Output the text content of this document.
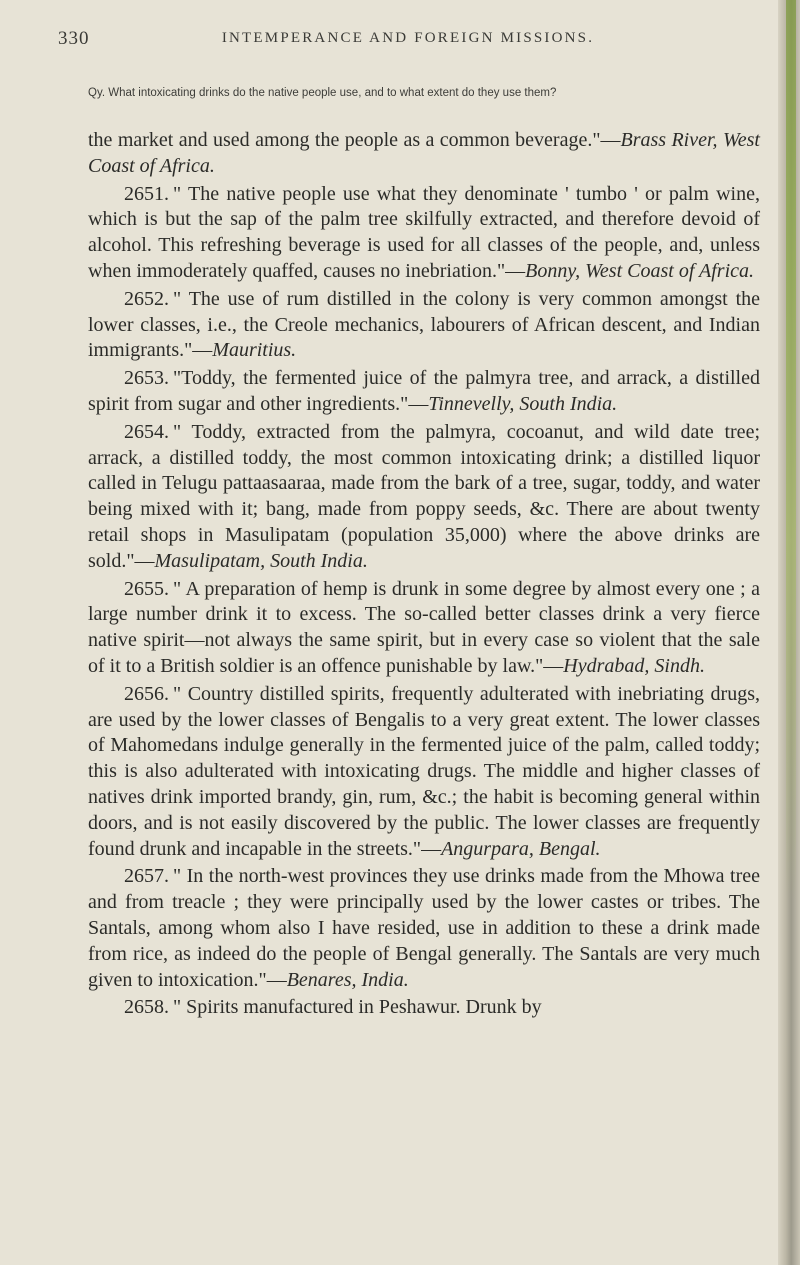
330	INTEMPERANCE AND FOREIGN MISSIONS.
Qy. What intoxicating drinks do the native people use, and to what extent do they use them?

the market and used among the people as a common beverage."—Brass River, West Coast of Africa.

2651. " The native people use what they denominate ' tumbo ' or palm wine, which is but the sap of the palm tree skilfully extracted, and therefore devoid of alcohol. This refreshing beverage is used for all classes of the people, and, unless when immoderately quaffed, causes no inebriation."—Bonny, West Coast of Africa.

2652. " The use of rum distilled in the colony is very common amongst the lower classes, i.e., the Creole mechanics, labourers of African descent, and Indian immigrants."—Mauritius.

2653. "Toddy, the fermented juice of the palmyra tree, and arrack, a distilled spirit from sugar and other ingredients."—Tinnevelly, South India.

2654. " Toddy, extracted from the palmyra, cocoanut, and wild date tree; arrack, a distilled toddy, the most common intoxicating drink; a distilled liquor called in Telugu pattaasaaraa, made from the bark of a tree, sugar, toddy, and water being mixed with it; bang, made from poppy seeds, &c. There are about twenty retail shops in Masulipatam (population 35,000) where the above drinks are sold."—Masulipatam, South India.

2655. " A preparation of hemp is drunk in some degree by almost every one ; a large number drink it to excess. The so-called better classes drink a very fierce native spirit—not always the same spirit, but in every case so violent that the sale of it to a British soldier is an offence punishable by law."—Hydrabad, Sindh.

2656. " Country distilled spirits, frequently adulterated with inebriating drugs, are used by the lower classes of Bengalis to a very great extent. The lower classes of Mahomedans indulge generally in the fermented juice of the palm, called toddy; this is also adulterated with intoxicating drugs. The middle and higher classes of natives drink imported brandy, gin, rum, &c.; the habit is becoming general within doors, and is not easily discovered by the public. The lower classes are frequently found drunk and incapable in the streets."—Angurpara, Bengal.

2657. " In the north-west provinces they use drinks made from the Mhowa tree and from treacle ; they were principally used by the lower castes or tribes. The Santals, among whom also I have resided, use in addition to these a drink made from rice, as indeed do the people of Bengal generally. The Santals are very much given to intoxication."—Benares, India.

2658. " Spirits manufactured in Peshawur. Drunk by
